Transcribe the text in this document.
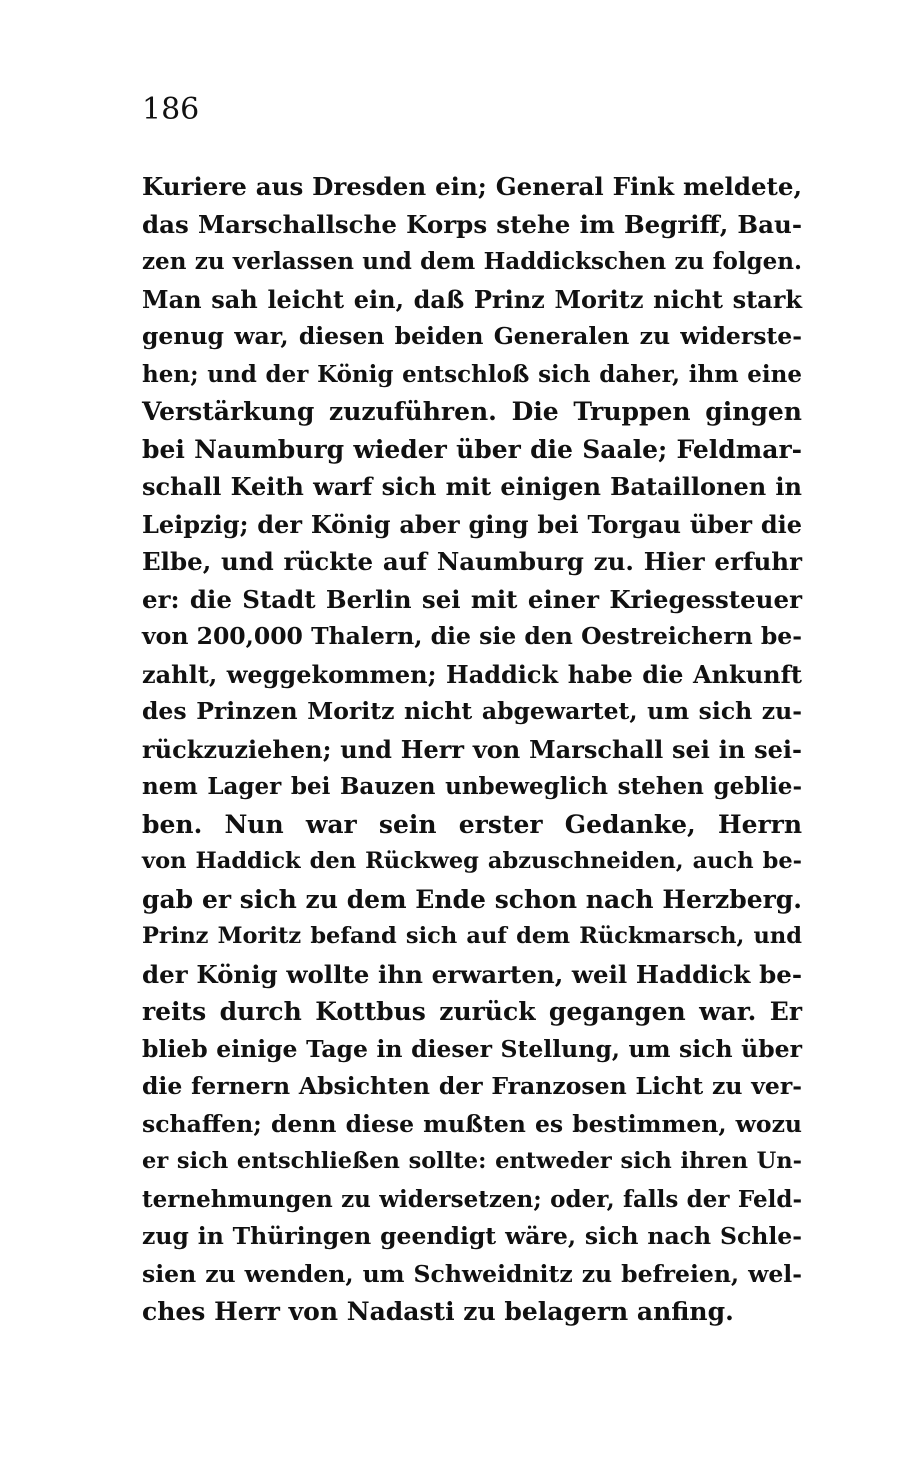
186
Kuriere aus Dresden ein; General Fink meldete,
das Marschallsche Korps stehe im Begriff, Bau-
zen zu verlassen und dem Haddickschen zu folgen.
Man sah leicht ein, daß Prinz Moritz nicht stark
genug war, diesen beiden Generalen zu widerste-
hen; und der König entschloß sich daher, ihm eine
Verstärkung zuzuführen. Die Truppen gingen
bei Naumburg wieder über die Saale; Feldmar-
schall Keith warf sich mit einigen Bataillonen in
Leipzig; der König aber ging bei Torgau über die
Elbe, und rückte auf Naumburg zu. Hier erfuhr
er: die Stadt Berlin sei mit einer Kriegessteuer
von 200,000 Thalern, die sie den Oestreichern be-
zahlt, weggekommen; Haddick habe die Ankunft
des Prinzen Moritz nicht abgewartet, um sich zu-
rückzuziehen; und Herr von Marschall sei in sei-
nem Lager bei Bauzen unbeweglich stehen geblie-
ben. Nun war sein erster Gedanke, Herrn
von Haddick den Rückweg abzuschneiden, auch be-
gab er sich zu dem Ende schon nach Herzberg.
Prinz Moritz befand sich auf dem Rückmarsch, und
der König wollte ihn erwarten, weil Haddick be-
reits durch Kottbus zurück gegangen war. Er
blieb einige Tage in dieser Stellung, um sich über
die fernern Absichten der Franzosen Licht zu ver-
schaffen; denn diese mußten es bestimmen, wozu
er sich entschließen sollte: entweder sich ihren Un-
ternehmungen zu widersetzen; oder, falls der Feld-
zug in Thüringen geendigt wäre, sich nach Schle-
sien zu wenden, um Schweidnitz zu befreien, wel-
ches Herr von Nadasti zu belagern anfing.
